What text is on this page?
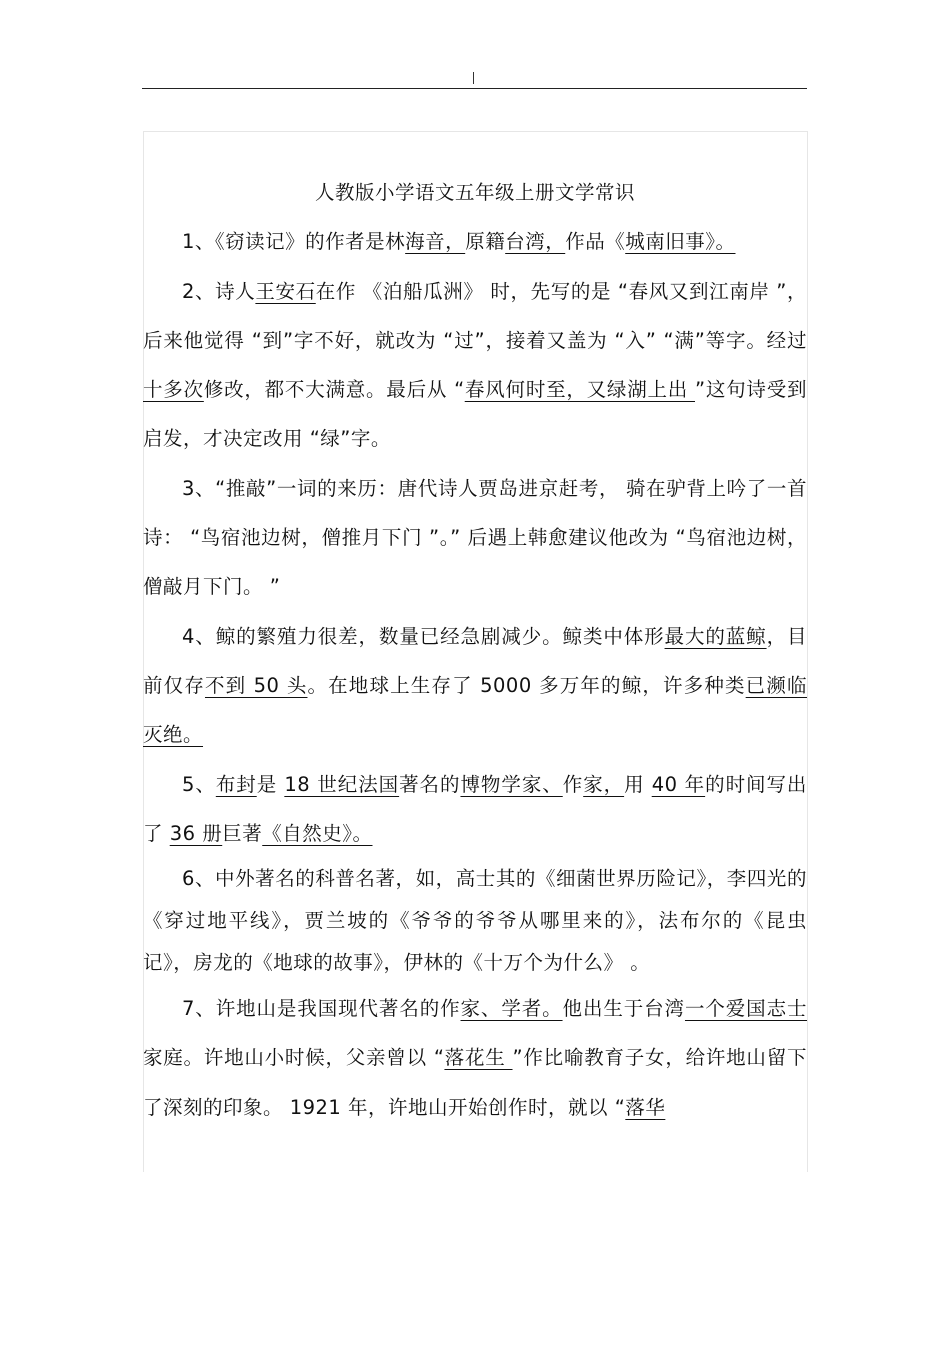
人教版小学语文五年级上册文学常识

1、《窃读记》的作者是林海音，原籍台湾，作品《城南旧事》。

2、诗人王安石在作 《泊船瓜洲》 时，先写的是 “春风又到江南岸 ”，后来他觉得 “到”字不好，就改为 “过”，接着又盖为 “入” “满”等字。经过十多次修改，都不大满意。最后从 “春风何时至，又绿湖上出 ”这句诗受到启发，才决定改用 “绿”字。

3、“推敲”一词的来历：唐代诗人贾岛进京赶考， 骑在驴背上吟了一首诗： “鸟宿池边树，僧推月下门 ”。” 后遇上韩愈建议他改为 “鸟宿池边树，僧敲月下门。 ”

4、鲸的繁殖力很差，数量已经急剧减少。鲸类中体形最大的蓝鲸，目前仅存不到 50 头。在地球上生存了 5000 多万年的鲸，许多种类已濒临灭绝。

5、布封是 18 世纪法国著名的博物学家、作家，用 40 年的时间写出了 36 册巨著《自然史》。

6、中外著名的科普名著，如，高士其的《细菌世界历险记》，李四光的《穿过地平线》，贾兰坡的《爷爷的爷爷从哪里来的》，法布尔的《昆虫记》，房龙的《地球的故事》，伊林的《十万个为什么》 。

7、许地山是我国现代著名的作家、学者。他出生于台湾一个爱国志士家庭。许地山小时候，父亲曾以 “落花生 ”作比喻教育子女，给许地山留下了深刻的印象。 1921 年，许地山开始创作时，就以 “落华
